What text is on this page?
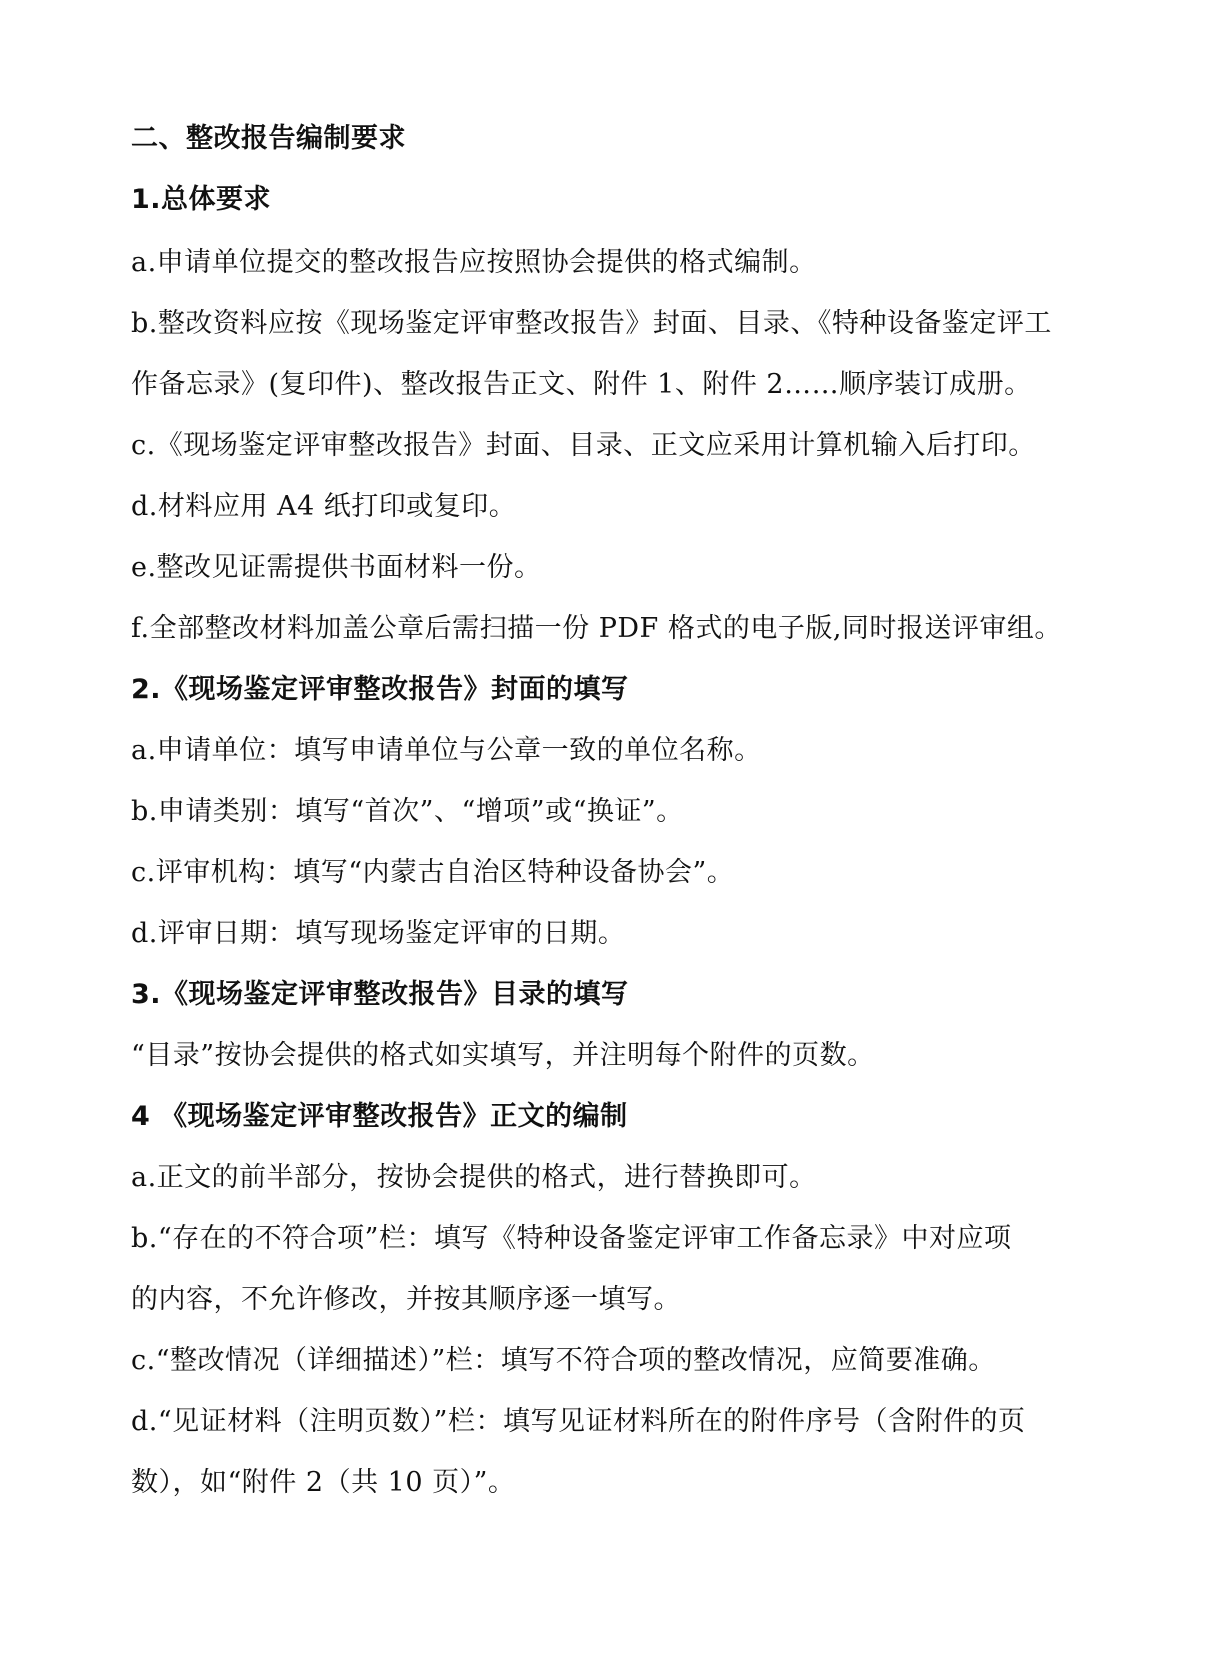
二、整改报告编制要求
1.总体要求
a.申请单位提交的整改报告应按照协会提供的格式编制。
b.整改资料应按《现场鉴定评审整改报告》封面、目录、《特种设备鉴定评工
作备忘录》(复印件)、整改报告正文、附件 1、附件 2……顺序装订成册。
c.《现场鉴定评审整改报告》封面、目录、正文应采用计算机输入后打印。
d.材料应用 A4 纸打印或复印。
e.整改见证需提供书面材料一份。
f.全部整改材料加盖公章后需扫描一份 PDF 格式的电子版,同时报送评审组。
2.《现场鉴定评审整改报告》封面的填写
a.申请单位：填写申请单位与公章一致的单位名称。
b.申请类别：填写“首次”、“增项”或“换证”。
c.评审机构：填写“内蒙古自治区特种设备协会”。
d.评审日期：填写现场鉴定评审的日期。
3.《现场鉴定评审整改报告》目录的填写
“目录”按协会提供的格式如实填写，并注明每个附件的页数。
4 《现场鉴定评审整改报告》正文的编制
a.正文的前半部分，按协会提供的格式，进行替换即可。
b.“存在的不符合项”栏：填写《特种设备鉴定评审工作备忘录》中对应项
的内容，不允许修改，并按其顺序逐一填写。
c.“整改情况（详细描述）”栏：填写不符合项的整改情况，应简要准确。
d.“见证材料（注明页数）”栏：填写见证材料所在的附件序号（含附件的页
数），如“附件 2（共 10 页）”。
